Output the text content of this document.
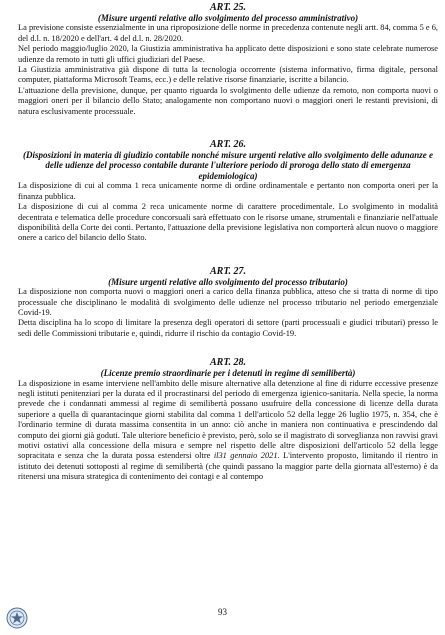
ART. 25.

(Misure urgenti relative allo svolgimento del processo amministrativo)

La previsione consiste essenzialmente in una riproposizione delle norme in precedenza contenute negli artt. 84, comma 5 e 6, del d.l. n. 18/2020 e dell'art. 4 del d.l. n. 28/2020.

Nel periodo maggio/luglio 2020, la Giustizia amministrativa ha applicato dette disposizioni e sono state celebrate numerose udienze da remoto in tutti gli uffici giudiziari del Paese.

La Giustizia amministrativa già dispone di tutta la tecnologia occorrente (sistema informativo, firma digitale, personal computer, piattaforma Microsoft Teams, ecc.) e delle relative risorse finanziarie, iscritte a bilancio.

L'attuazione della previsione, dunque, per quanto riguarda lo svolgimento delle udienze da remoto, non comporta nuovi o maggiori oneri per il bilancio dello Stato; analogamente non comportano nuovi o maggiori oneri le restanti previsioni, di natura esclusivamente processuale.

ART. 26.

(Disposizioni in materia di giudizio contabile nonché misure urgenti relative allo svolgimento delle adunanze e delle udienze del processo contabile durante l'ulteriore periodo di proroga dello stato di emergenza epidemiologica)

La disposizione di cui al comma 1 reca unicamente norme di ordine ordinamentale e pertanto non comporta oneri per la finanza pubblica.

La disposizione di cui al comma 2 reca unicamente norme di carattere procedimentale. Lo svolgimento in modalità decentrata e telematica delle procedure concorsuali sarà effettuato con le risorse umane, strumentali e finanziarie nell'attuale disponibilità della Corte dei conti. Pertanto, l'attuazione della previsione legislativa non comporterà alcun nuovo o maggiore onere a carico del bilancio dello Stato.

ART. 27.

(Misure urgenti relative allo svolgimento del processo tributario)

La disposizione non comporta nuovi o maggiori oneri a carico della finanza pubblica, atteso che si tratta di norme di tipo processuale che disciplinano le modalità di svolgimento delle udienze nel processo tributario nel periodo emergenziale Covid-19.

Detta disciplina ha lo scopo di limitare la presenza degli operatori di settore (parti processuali e giudici tributari) presso le sedi delle Commissioni tributarie e, quindi, ridurre il rischio da contagio Covid-19.

ART. 28.

(Licenze premio straordinarie per i detenuti in regime di semilibertà)

La disposizione in esame interviene nell'ambito delle misure alternative alla detenzione al fine di ridurre eccessive presenze negli istituti penitenziari per la durata ed il procrastinarsi del periodo di emergenza igienico-sanitaria. Nella specie, la norma prevede che i condannati ammessi al regime di semilibertà possano usufruire della concessione di licenze della durata superiore a quella di quarantacinque giorni stabilita dal comma 1 dell'articolo 52 della legge 26 luglio 1975, n. 354, che è l'ordinario termine di durata massima consentita in un anno: ciò anche in maniera non continuativa e prescindendo dal computo dei giorni già goduti. Tale ulteriore beneficio è previsto, però, solo se il magistrato di sorveglianza non ravvisi gravi motivi ostativi alla concessione della misura e sempre nel rispetto delle altre disposizioni dell'articolo 52 della legge sopracitata e senza che la durata possa estendersi oltre il31 gennaio 2021. L'intervento proposto, limitando il rientro in istituto dei detenuti sottoposti al regime di semilibertà (che quindi passano la maggior parte della giornata all'esterno) è da ritenersi una misura strategica di contenimento dei contagi e al contempo

93
